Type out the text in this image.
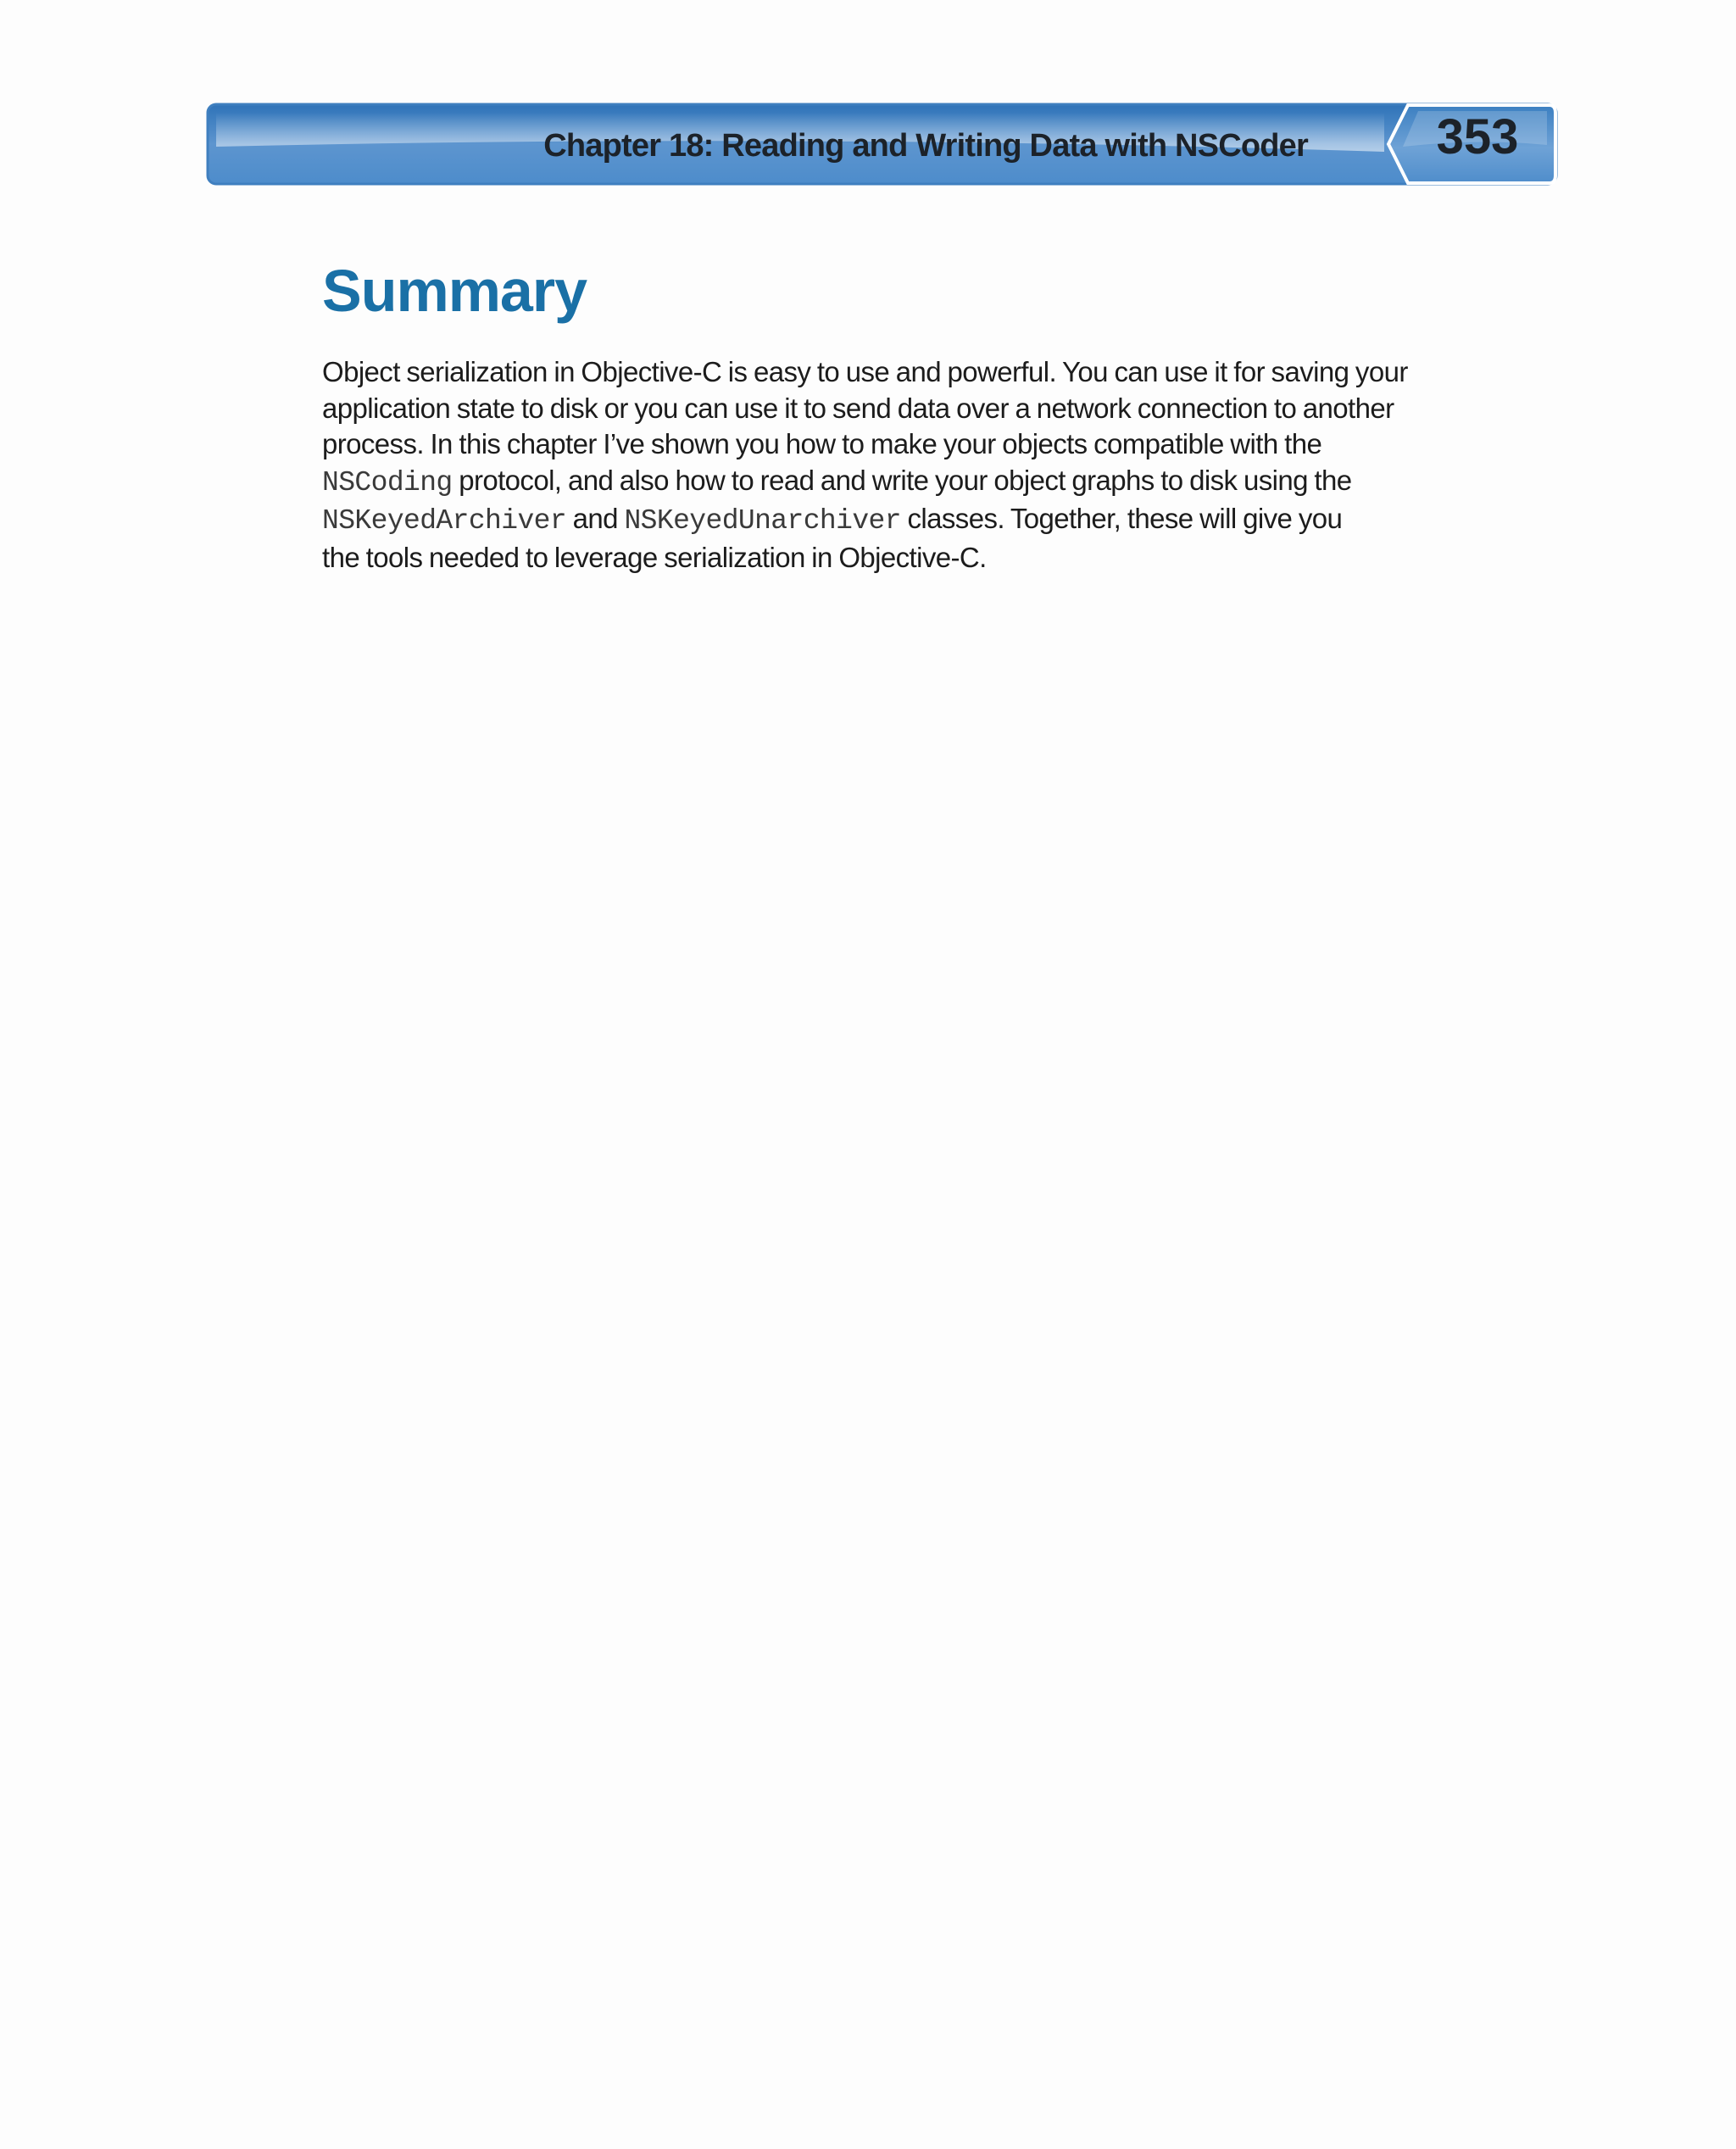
Chapter 18: Reading and Writing Data with NSCoder	353
Summary

Object serialization in Objective-C is easy to use and powerful. You can use it for saving your
application state to disk or you can use it to send data over a network connection to another
process. In this chapter I’ve shown you how to make your objects compatible with the
NSCoding protocol, and also how to read and write your object graphs to disk using the
NSKeyedArchiver and NSKeyedUnarchiver classes. Together, these will give you
the tools needed to leverage serialization in Objective-C.
